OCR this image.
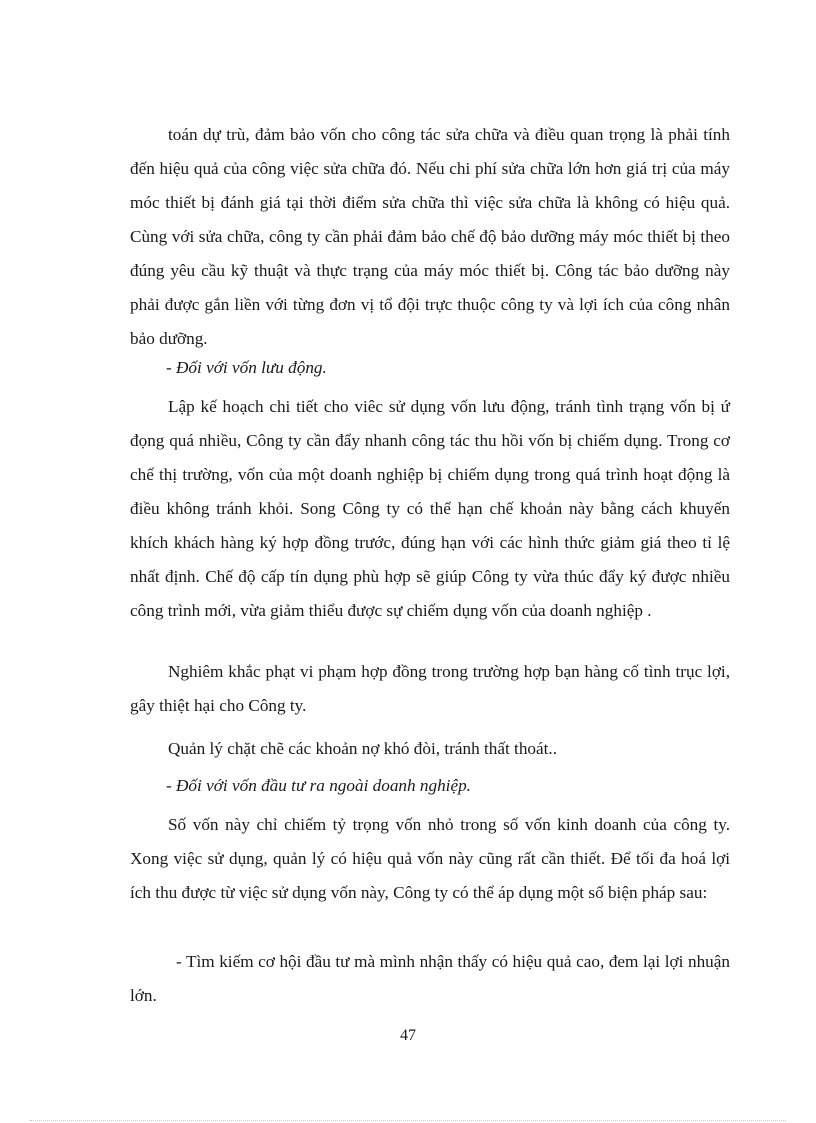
toán dự trù, đảm bảo vốn cho công tác sửa chữa và điều quan trọng là phải tính đến hiệu quả của công việc sửa chữa đó. Nếu chi phí sửa chữa lớn hơn giá trị của máy móc thiết bị đánh giá tại thời điểm sửa chữa thì việc sửa chữa là không có hiệu quả. Cùng với sửa chữa, công ty cần phải đảm bảo chế độ bảo dưỡng máy móc thiết bị theo đúng yêu cầu kỹ thuật và thực trạng của máy móc thiết bị. Công tác bảo dưỡng này phải được gắn liền với từng đơn vị tổ đội trực thuộc công ty và lợi ích của công nhân bảo dưỡng.

- Đối với vốn lưu động.

Lập kế hoạch chi tiết cho viêc sử dụng vốn lưu động, tránh tình trạng vốn bị ứ đọng quá nhiều, Công ty cần đẩy nhanh công tác thu hồi vốn bị chiếm dụng. Trong cơ chế thị trường, vốn của một doanh nghiệp bị chiếm dụng trong quá trình hoạt động là điều không tránh khỏi. Song Công ty có thể hạn chế khoản này bằng cách khuyến khích khách hàng ký hợp đồng trước, đúng hạn với các hình thức giảm giá theo tỉ lệ nhất định. Chế độ cấp tín dụng phù hợp sẽ giúp Công ty vừa thúc đẩy ký được nhiều công trình mới, vừa giảm thiểu được sự chiếm dụng vốn của doanh nghiệp .

Nghiêm khắc phạt vi phạm hợp đồng trong trường hợp bạn hàng cố tình trục lợi, gây thiệt hại cho Công ty.

Quản lý chặt chẽ các khoản nợ khó đòi, tránh thất thoát..

- Đối với vốn đầu tư ra ngoài doanh nghiệp.

Số vốn này chỉ chiếm tỷ trọng vốn nhỏ trong số vốn kinh doanh của công ty. Xong việc sử dụng, quản lý có hiệu quả vốn này cũng rất cần thiết. Để tối đa hoá lợi ích thu được từ việc sử dụng vốn này, Công ty có thể áp dụng một số biện pháp sau:

- Tìm kiếm cơ hội đầu tư mà mình nhận thấy có hiệu quả cao, đem lại lợi nhuận lớn.

47
